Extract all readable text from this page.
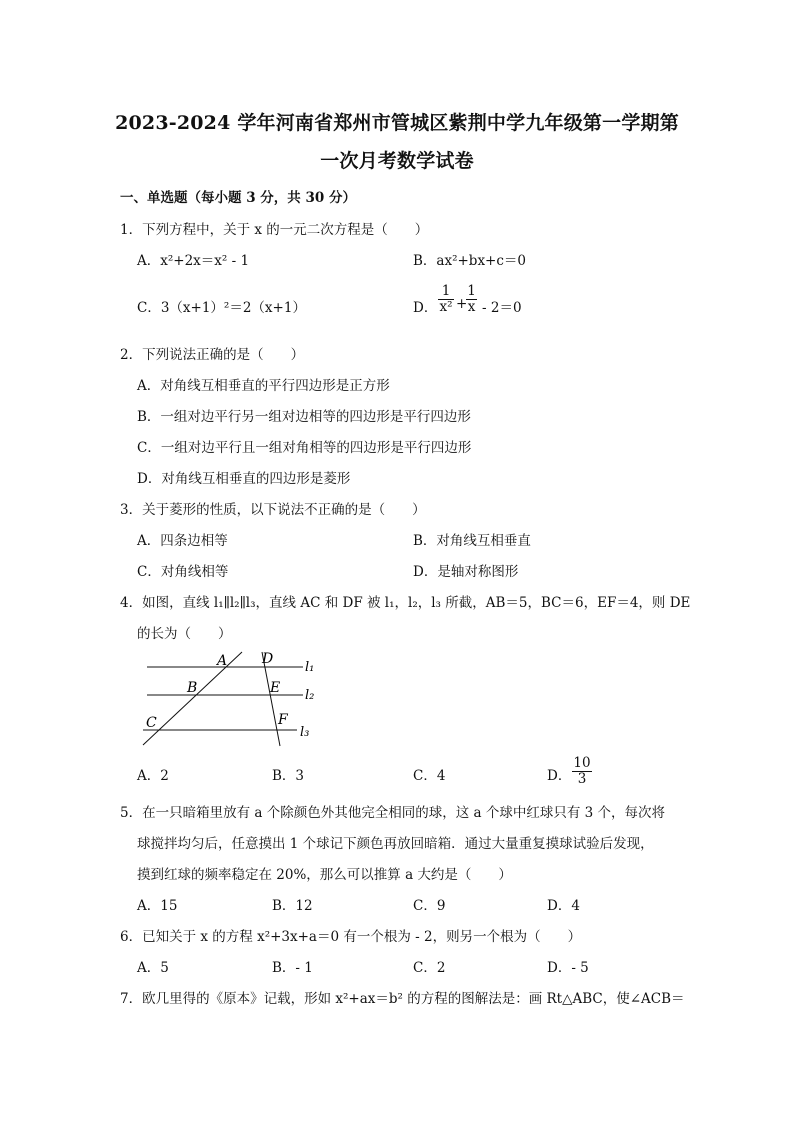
2023-2024 学年河南省郑州市管城区紫荆中学九年级第一学期第
一次月考数学试卷
一、单选题（每小题 3 分，共 30 分）
1．下列方程中，关于 x 的一元二次方程是（　　）
A．x²+2x＝x² - 1	B．ax²+bx+c＝0
C．3（x+1）²＝2（x+1）	D．
1
x² +
1
x - 2＝0
2．下列说法正确的是（　　）
A．对角线互相垂直的平行四边形是正方形
B．一组对边平行另一组对边相等的四边形是平行四边形
C．一组对边平行且一组对角相等的四边形是平行四边形
D．对角线互相垂直的四边形是菱形
3．关于菱形的性质，以下说法不正确的是（　　）
A．四条边相等	B．对角线互相垂直
C．对角线相等	D．是轴对称图形
4．如图，直线 l₁∥l₂∥l₃，直线 AC 和 DF 被 l₁，l₂，l₃ 所截，AB＝5，BC＝6，EF＝4，则 DE
的长为（　　）
A
B
C
D
E
F
l₁
l₂
l₃
A．2	B．3	C．4	D．
10
3
5．在一只暗箱里放有 a 个除颜色外其他完全相同的球，这 a 个球中红球只有 3 个，每次将
球搅拌均匀后，任意摸出 1 个球记下颜色再放回暗箱．通过大量重复摸球试验后发现，
摸到红球的频率稳定在 20%，那么可以推算 a 大约是（　　）
A．15	B．12	C．9	D．4
6．已知关于 x 的方程 x²+3x+a＝0 有一个根为 - 2，则另一个根为（　　）
A．5	B．- 1	C．2	D．- 5
7．欧几里得的《原本》记载，形如 x²+ax＝b² 的方程的图解法是：画 Rt△ABC，使∠ACB＝
